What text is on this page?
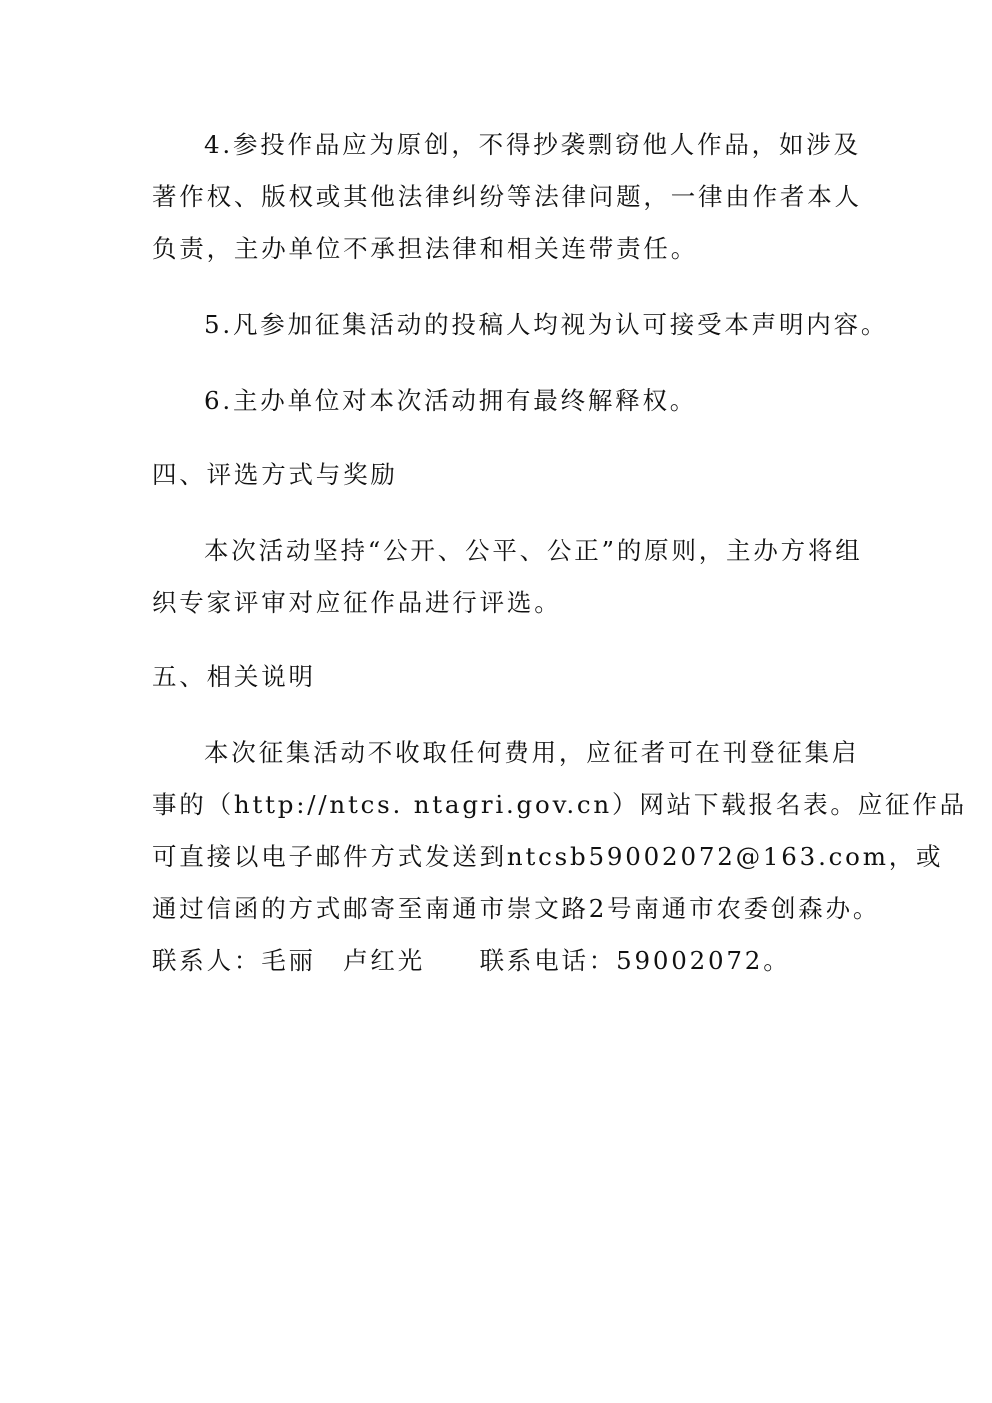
4.参投作品应为原创，不得抄袭剽窃他人作品，如涉及
著作权、版权或其他法律纠纷等法律问题，一律由作者本人
负责，主办单位不承担法律和相关连带责任。
5.凡参加征集活动的投稿人均视为认可接受本声明内容。
6.主办单位对本次活动拥有最终解释权。
四、评选方式与奖励
本次活动坚持“公开、公平、公正”的原则，主办方将组
织专家评审对应征作品进行评选。
五、相关说明
本次征集活动不收取任何费用，应征者可在刊登征集启
事的（http://ntcs. ntagri.gov.cn）网站下载报名表。应征作品
可直接以电子邮件方式发送到ntcsb59002072@163.com，或
通过信函的方式邮寄至南通市崇文路2号南通市农委创森办。
联系人：毛丽　卢红光　　联系电话：59002072。
